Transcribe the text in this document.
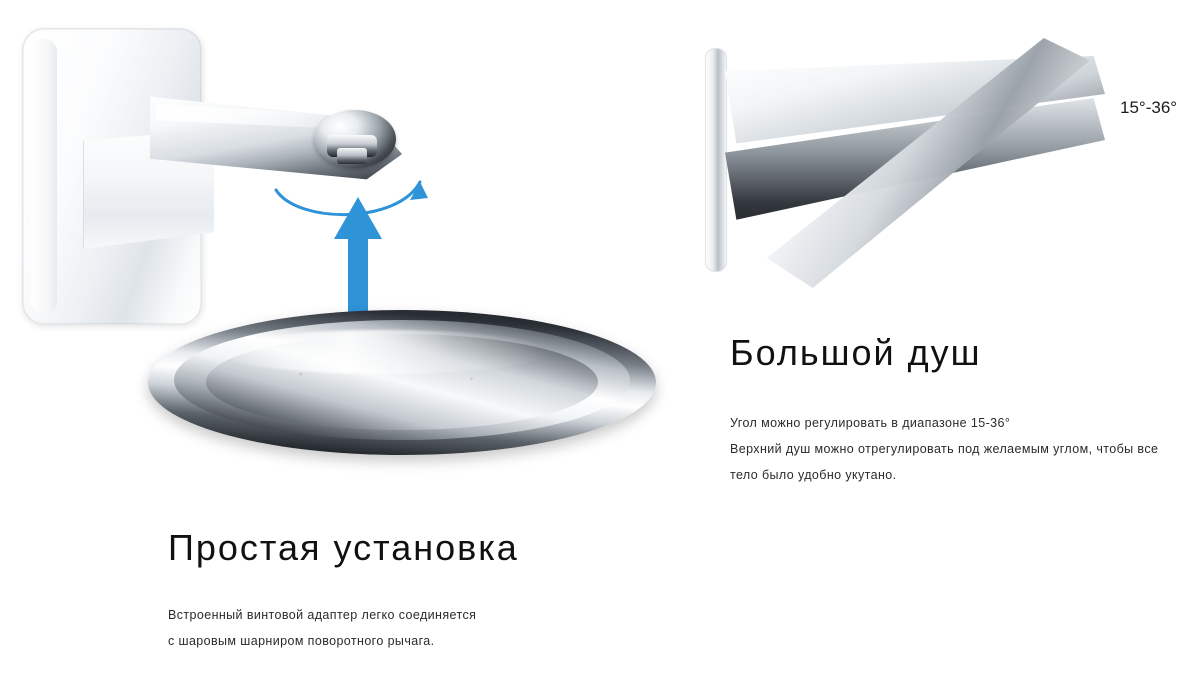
Простая установка
Встроенный винтовой адаптер легко соединяется
с шаровым шарниром поворотного рычага.
15°-36°
Большой душ
Угол можно регулировать в диапазоне 15-36°
Верхний душ можно отрегулировать под желаемым углом, чтобы все
тело было удобно укутано.
